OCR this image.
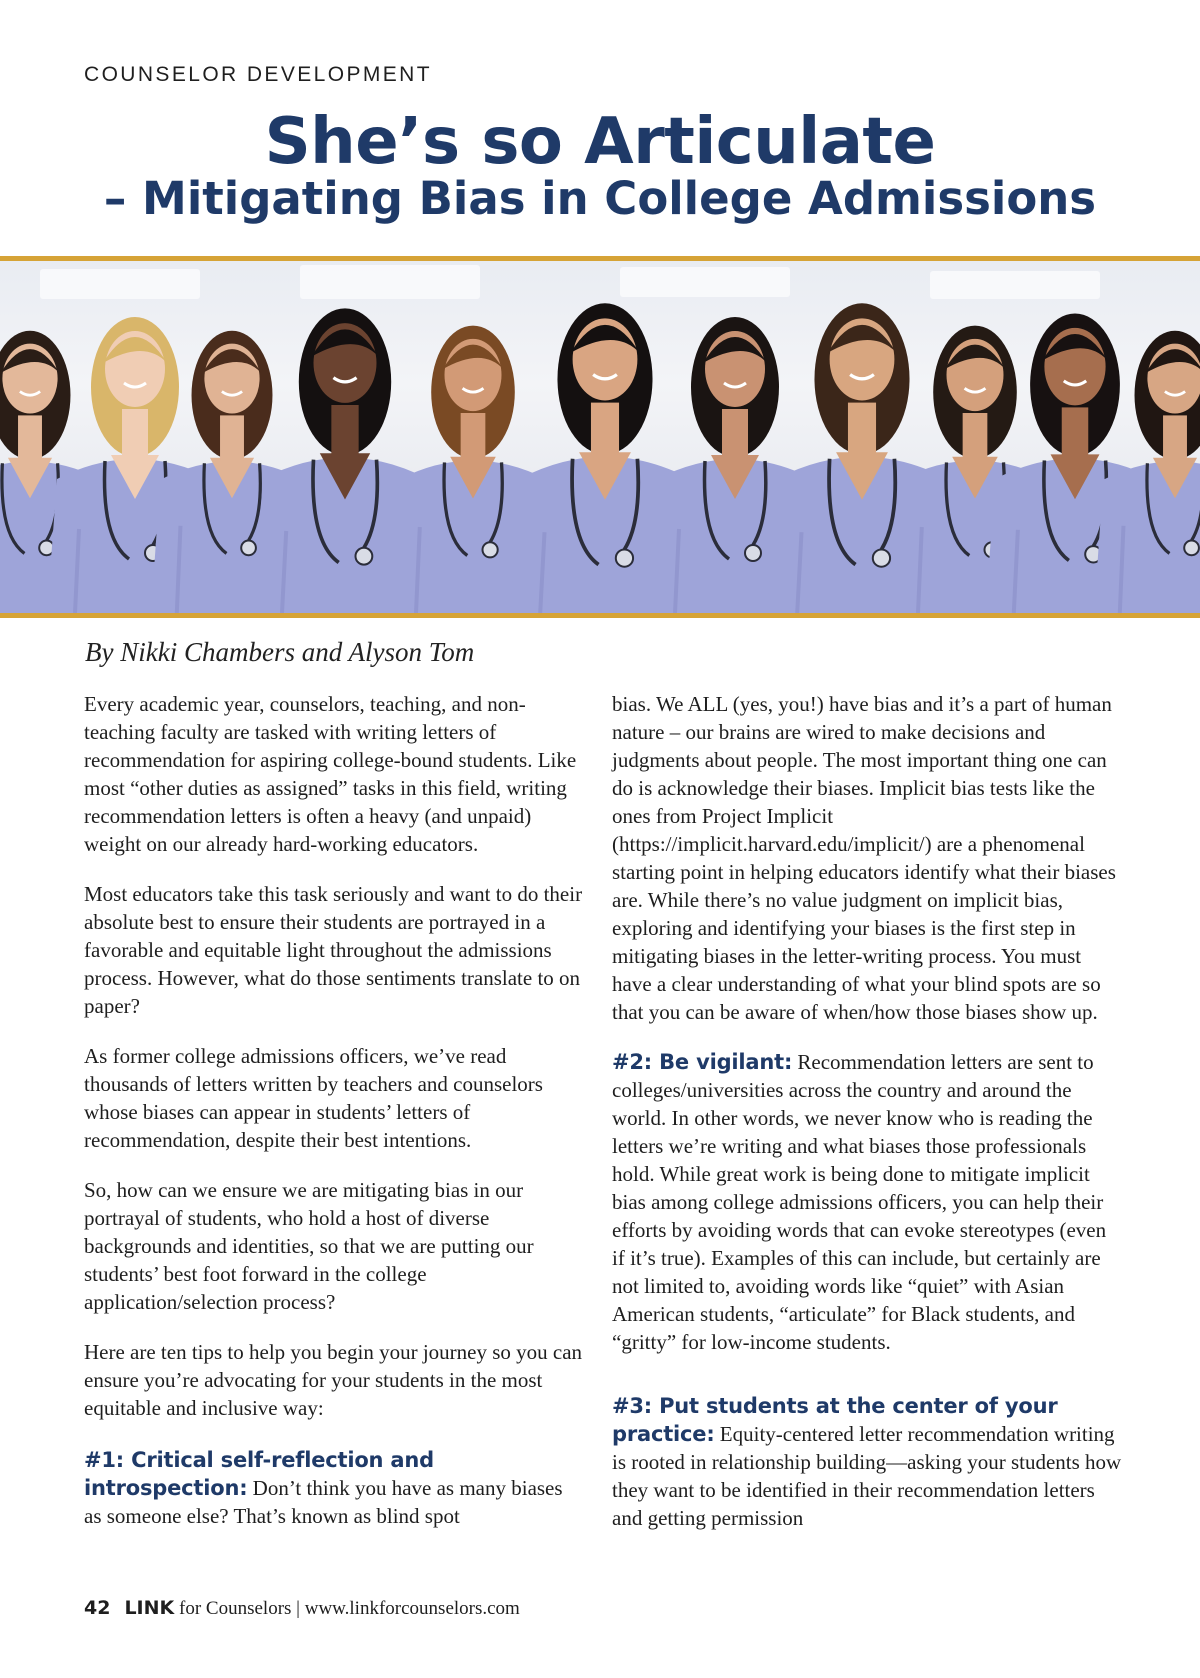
COUNSELOR DEVELOPMENT
She’s so Articulate
– Mitigating Bias in College Admissions
By Nikki Chambers and Alyson Tom

Every academic year, counselors, teaching, and non-teaching faculty are tasked with writing letters of recommendation for aspiring college-bound students. Like most “other duties as assigned” tasks in this field, writing recommendation letters is often a heavy (and unpaid) weight on our already hard-working educators.

Most educators take this task seriously and want to do their absolute best to ensure their students are portrayed in a favorable and equitable light throughout the admissions process. However, what do those sentiments translate to on paper?

As former college admissions officers, we’ve read thousands of letters written by teachers and counselors whose biases can appear in students’ letters of recommendation, despite their best intentions.

So, how can we ensure we are mitigating bias in our portrayal of students, who hold a host of diverse backgrounds and identities, so that we are putting our students’ best foot forward in the college application/selection process?

Here are ten tips to help you begin your journey so you can ensure you’re advocating for your students in the most equitable and inclusive way:

#1: Critical self-reflection and introspection: Don’t think you have as many biases as someone else? That’s known as blind spot

bias. We ALL (yes, you!) have bias and it’s a part of human nature – our brains are wired to make decisions and judgments about people. The most important thing one can do is acknowledge their biases. Implicit bias tests like the ones from Project Implicit (https://implicit.harvard.edu/implicit/) are a phenomenal starting point in helping educators identify what their biases are. While there’s no value judgment on implicit bias, exploring and identifying your biases is the first step in mitigating biases in the letter-writing process. You must have a clear understanding of what your blind spots are so that you can be aware of when/how those biases show up.

#2: Be vigilant: Recommendation letters are sent to colleges/universities across the country and around the world. In other words, we never know who is reading the letters we’re writing and what biases those professionals hold. While great work is being done to mitigate implicit bias among college admissions officers, you can help their efforts by avoiding words that can evoke stereotypes (even if it’s true). Examples of this can include, but certainly are not limited to, avoiding words like “quiet” with Asian American students, “articulate” for Black students, and “gritty” for low-income students.

#3: Put students at the center of your practice: Equity-centered letter recommendation writing is rooted in relationship building—asking your students how they want to be identified in their recommendation letters and getting permission

42 LINK for Counselors | www.linkforcounselors.com
